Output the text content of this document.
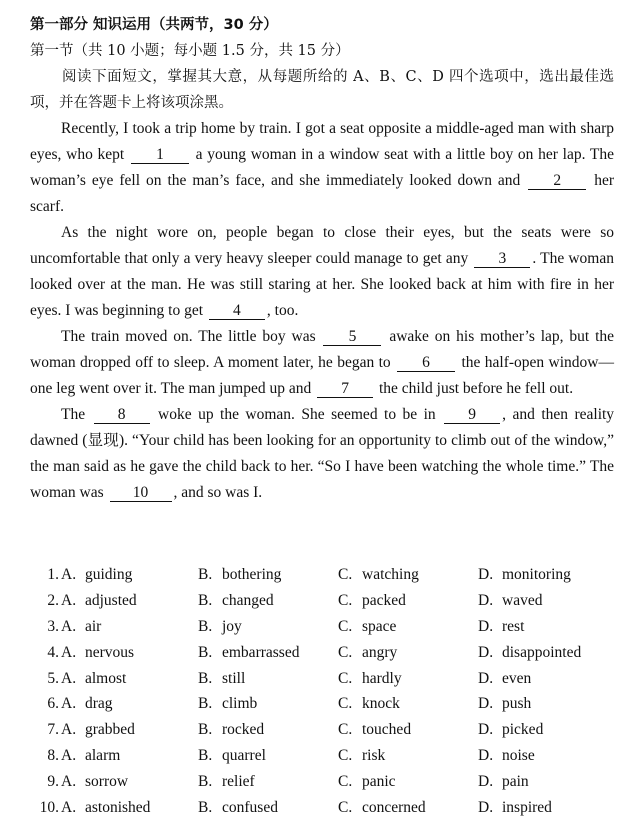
第一部分 知识运用（共两节，30 分）
第一节（共 10 小题；每小题 1.5 分，共 15 分）
阅读下面短文，掌握其大意，从每题所给的 A、B、C、D 四个选项中，选出最佳选项，并在答题卡上将该项涂黑。

Recently, I took a trip home by train. I got a seat opposite a middle-aged man with sharp eyes, who kept 1 a young woman in a window seat with a little boy on her lap. The woman’s eye fell on the man’s face, and she immediately looked down and 2 her scarf.

As the night wore on, people began to close their eyes, but the seats were so uncomfortable that only a very heavy sleeper could manage to get any 3 . The woman looked over at the man. He was still staring at her. She looked back at him with fire in her eyes. I was beginning to get 4 , too.

The train moved on. The little boy was 5 awake on his mother’s lap, but the woman dropped off to sleep. A moment later, he began to 6 the half-open window—one leg went over it. The man jumped up and 7 the child just before he fell out.

The 8 woke up the woman. She seemed to be in 9 , and then reality dawned (显现). “Your child has been looking for an opportunity to climb out of the window,” the man said as he gave the child back to her. “So I have been watching the whole time.” The woman was 10 , and so was I.

1. A. guiding	B. bothering	C. watching	D. monitoring
2. A. adjusted	B. changed	C. packed	D. waved
3. A. air	B. joy	C. space	D. rest
4. A. nervous	B. embarrassed C. angry	D. disappointed
5. A. almost	B. still	C. hardly	D. even
6. A. drag	B. climb	C. knock	D. push
7. A. grabbed	B. rocked	C. touched	D. picked
8. A. alarm	B. quarrel	C. risk	D. noise
9. A. sorrow	B. relief	C. panic	D. pain
10. A. astonished	B. confused	C. concerned	D. inspired
